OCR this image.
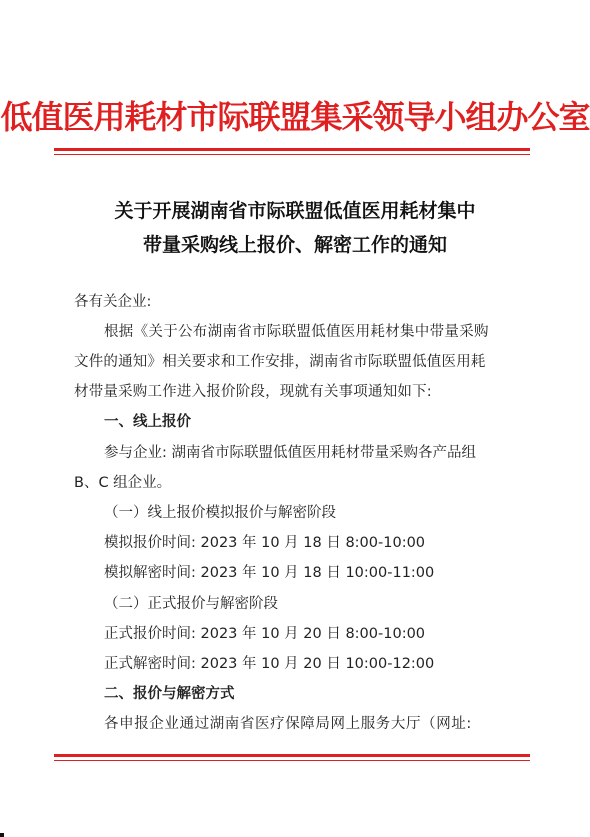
低值医用耗材市际联盟集采领导小组办公室
关于开展湖南省市际联盟低值医用耗材集中
带量采购线上报价、解密工作的通知
各有关企业:
根据《关于公布湖南省市际联盟低值医用耗材集中带量采购
文件的通知》相关要求和工作安排，湖南省市际联盟低值医用耗
材带量采购工作进入报价阶段，现就有关事项通知如下:
一、线上报价
参与企业: 湖南省市际联盟低值医用耗材带量采购各产品组
B、C 组企业。
（一）线上报价模拟报价与解密阶段
模拟报价时间: 2023 年 10 月 18 日 8:00-10:00
模拟解密时间: 2023 年 10 月 18 日 10:00-11:00
（二）正式报价与解密阶段
正式报价时间: 2023 年 10 月 20 日 8:00-10:00
正式解密时间: 2023 年 10 月 20 日 10:00-12:00
二、报价与解密方式
各申报企业通过湖南省医疗保障局网上服务大厅（网址:
